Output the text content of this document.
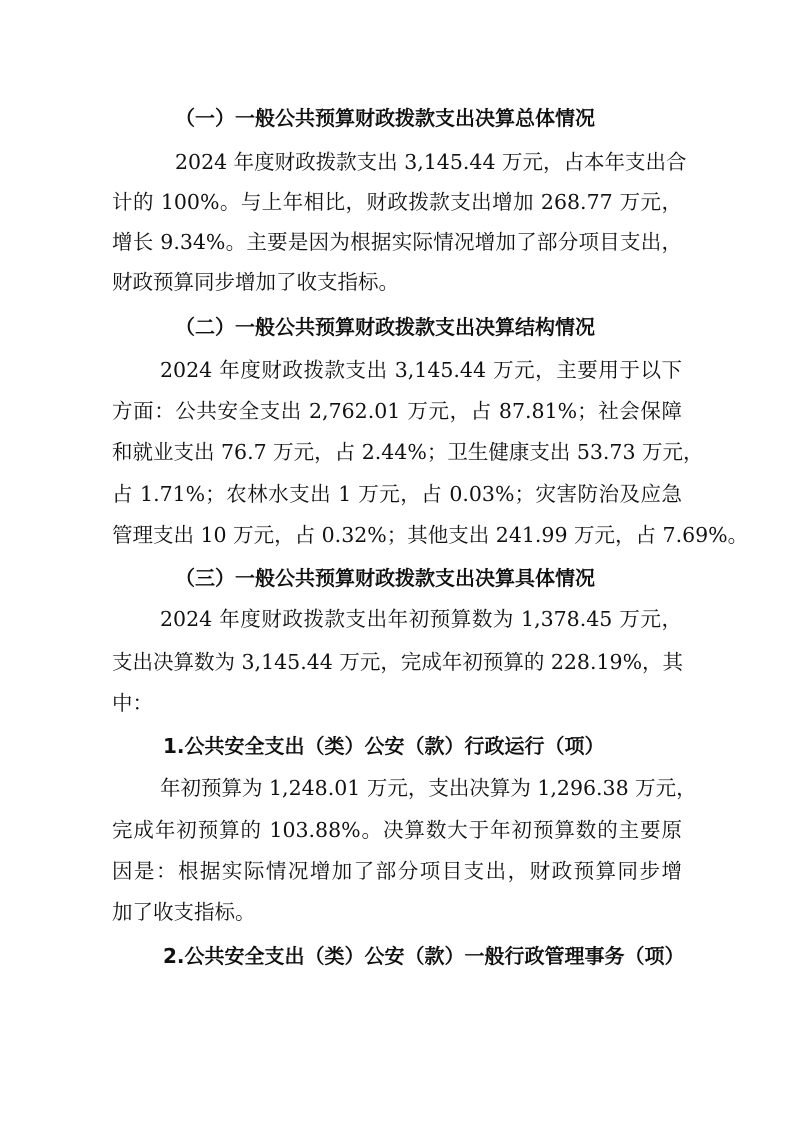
（一）一般公共预算财政拨款支出决算总体情况
2024 年度财政拨款支出 3,145.44 万元，占本年支出合
计的 100%。与上年相比，财政拨款支出增加 268.77 万元，
增长 9.34%。主要是因为根据实际情况增加了部分项目支出，
财政预算同步增加了收支指标。
（二）一般公共预算财政拨款支出决算结构情况
2024 年度财政拨款支出 3,145.44 万元，主要用于以下
方面：公共安全支出 2,762.01 万元，占 87.81%；社会保障
和就业支出 76.7 万元，占 2.44%；卫生健康支出 53.73 万元，
占 1.71%；农林水支出 1 万元，占 0.03%；灾害防治及应急
管理支出 10 万元，占 0.32%；其他支出 241.99 万元，占 7.69%。
（三）一般公共预算财政拨款支出决算具体情况
2024 年度财政拨款支出年初预算数为 1,378.45 万元，
支出决算数为 3,145.44 万元，完成年初预算的 228.19%，其
中：
1.公共安全支出（类）公安（款）行政运行（项）
年初预算为 1,248.01 万元，支出决算为 1,296.38 万元，
完成年初预算的 103.88%。决算数大于年初预算数的主要原
因是：根据实际情况增加了部分项目支出，财政预算同步增
加了收支指标。
2.公共安全支出（类）公安（款）一般行政管理事务（项）
